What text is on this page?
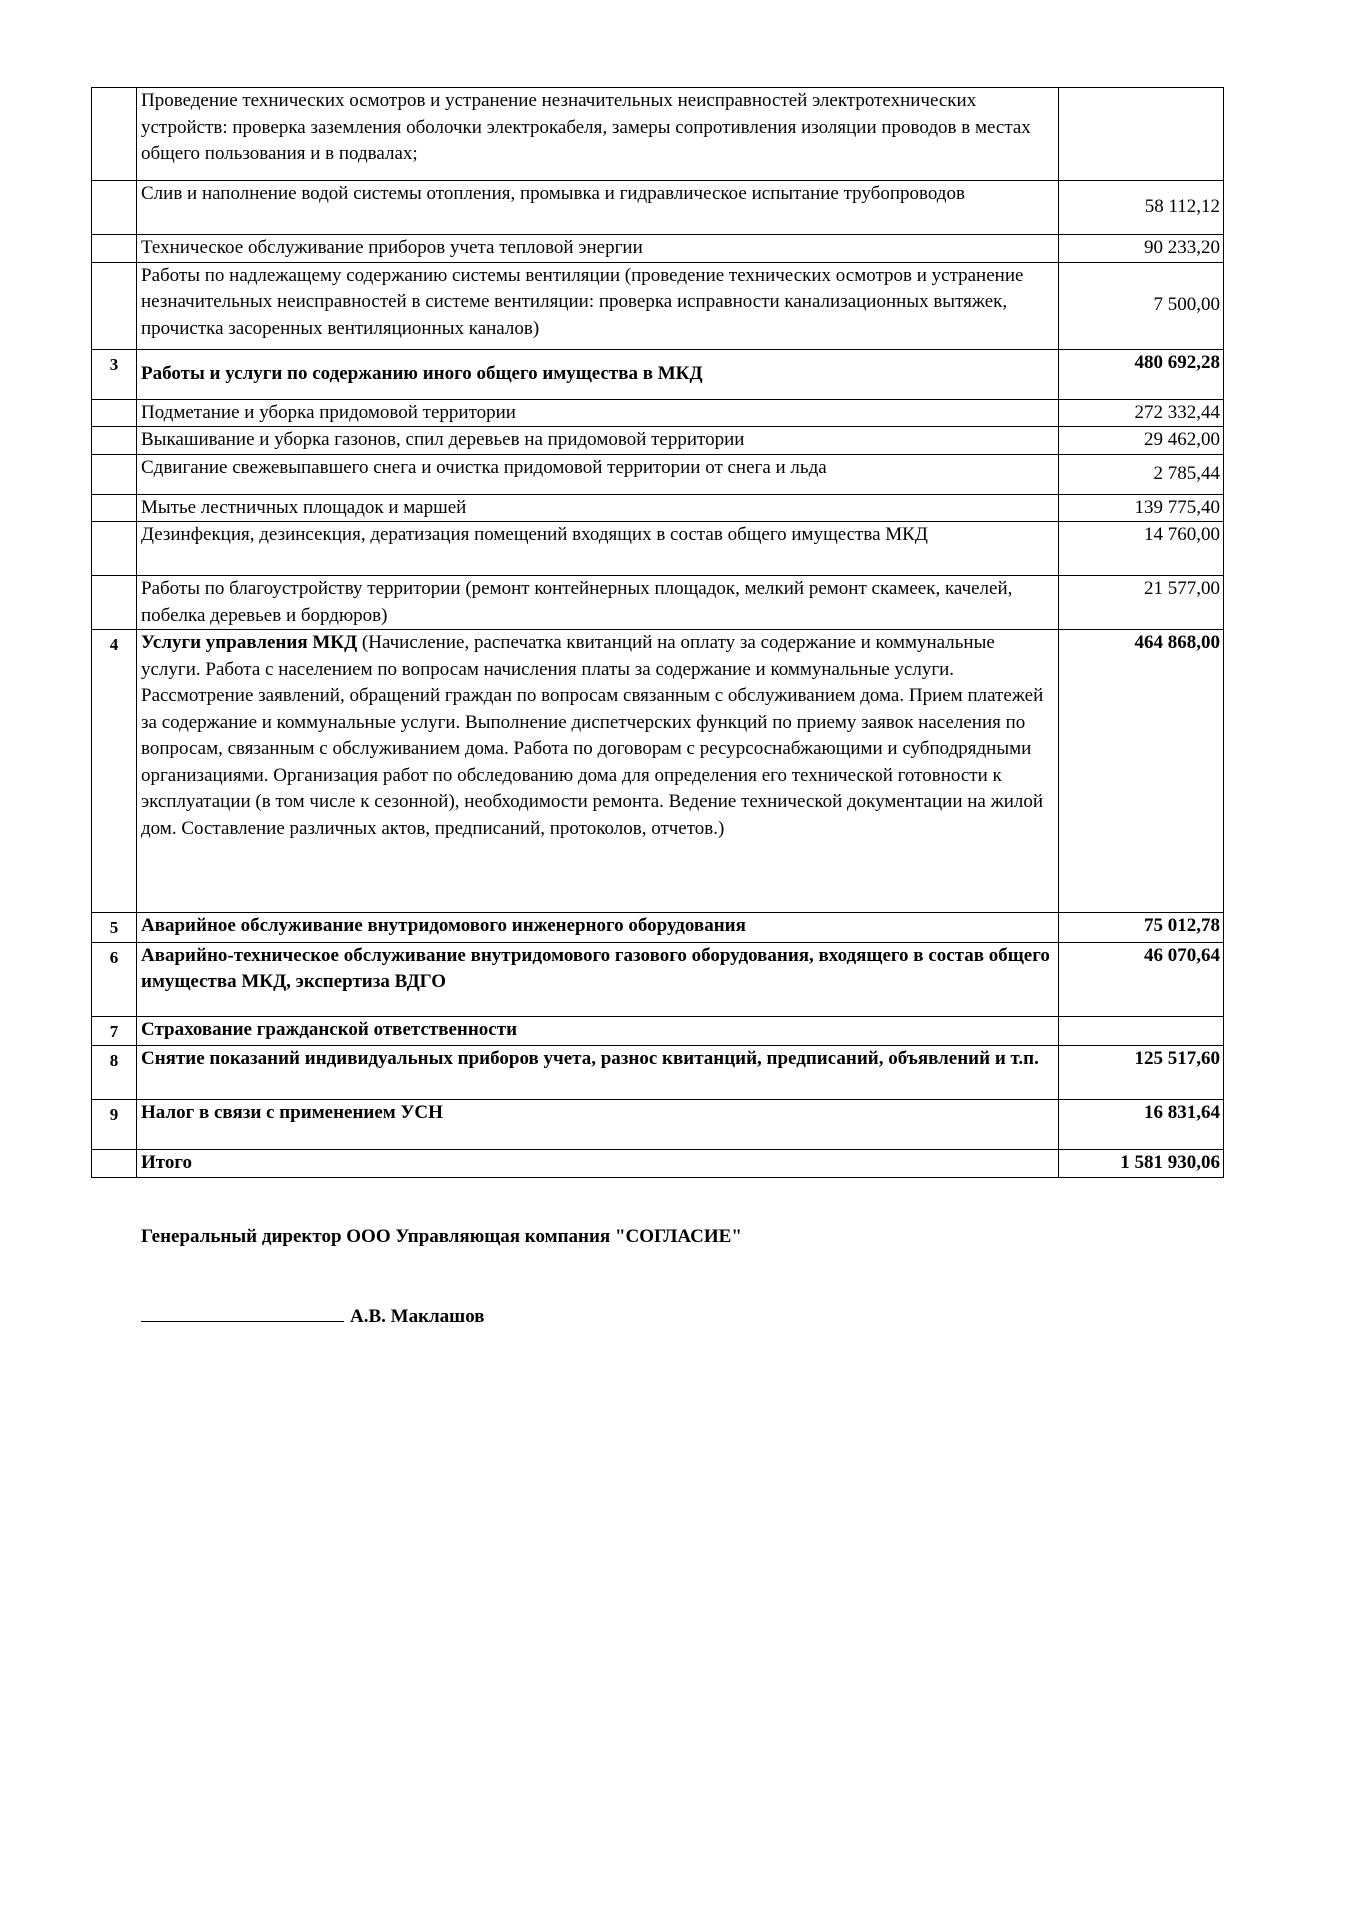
	Проведение технических осмотров и устранение незначительных неисправностей электротехнических устройств: проверка заземления оболочки электрокабеля, замеры сопротивления изоляции проводов в местах общего пользования и в подвалах;	
	Слив и наполнение водой системы отопления, промывка и гидравлическое испытание трубопроводов	58 112,12
	Техническое обслуживание приборов учета тепловой энергии	90 233,20
	Работы по надлежащему содержанию системы вентиляции (проведение технических осмотров и устранение незначительных неисправностей в системе вентиляции: проверка исправности канализационных вытяжек, прочистка засоренных вентиляционных каналов)	7 500,00
3	Работы и услуги по содержанию иного общего имущества в МКД	480 692,28
	Подметание и уборка придомовой территории	272 332,44
	Выкашивание и уборка газонов, спил деревьев на придомовой территории	29 462,00
	Сдвигание свежевыпавшего снега и очистка придомовой территории от снега и льда	2 785,44
	Мытье лестничных площадок и маршей	139 775,40
	Дезинфекция, дезинсекция, дератизация помещений входящих в состав общего имущества МКД	14 760,00
	Работы по благоустройству территории (ремонт контейнерных площадок, мелкий ремонт скамеек, качелей, побелка деревьев и бордюров)	21 577,00
4	Услуги управления МКД (Начисление, распечатка квитанций на оплату за содержание и коммунальные услуги. Работа с населением по вопросам начисления платы за содержание и коммунальные услуги. Рассмотрение заявлений, обращений граждан по вопросам связанным с обслуживанием дома. Прием платежей за содержание и коммунальные услуги. Выполнение диспетчерских функций по приему заявок населения по вопросам, связанным с обслуживанием дома. Работа по договорам с ресурсоснабжающими и субподрядными организациями. Организация работ по обследованию дома для определения его технической готовности к эксплуатации (в том числе к сезонной), необходимости ремонта. Ведение технической документации на жилой дом. Составление различных актов, предписаний, протоколов, отчетов.)	464 868,00
5	Аварийное обслуживание внутридомового инженерного оборудования	75 012,78
6	Аварийно-техническое обслуживание внутридомового газового оборудования, входящего в состав общего имущества МКД, экспертиза ВДГО	46 070,64
7	Страхование гражданской ответственности	
8	Снятие показаний индивидуальных приборов учета, разнос квитанций, предписаний, объявлений и т.п.	125 517,60
9	Налог в связи с применением УСН	16 831,64
	Итого	1 581 930,06
Генеральный директор ООО Управляющая компания "СОГЛАСИЕ"
А.В. Маклашов
